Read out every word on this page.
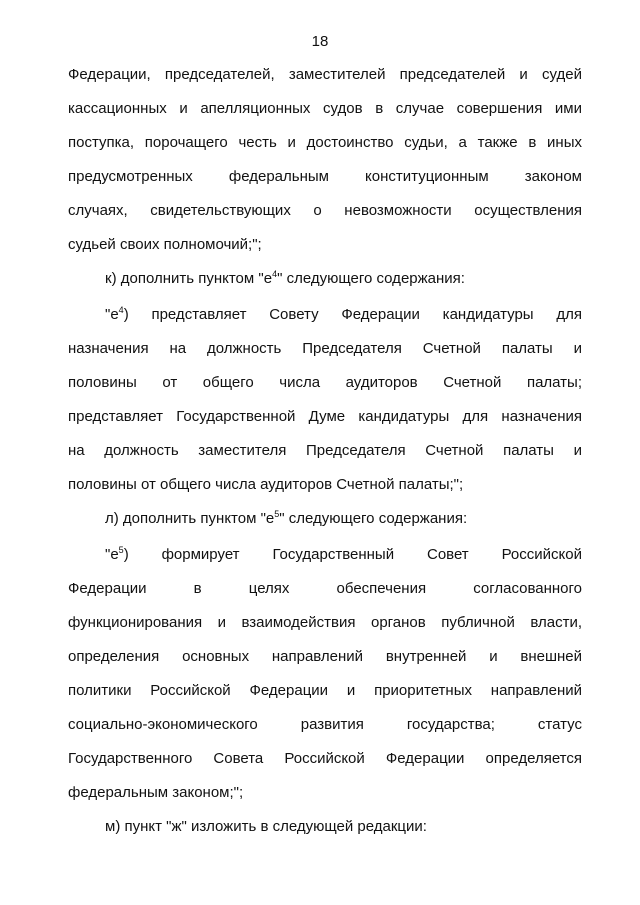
18
Федерации, председателей, заместителей председателей и судей
кассационных и апелляционных судов в случае совершения ими
поступка, порочащего честь и достоинство судьи, а также в иных
предусмотренных федеральным конституционным законом
случаях, свидетельствующих о невозможности осуществления
судьей своих полномочий;";
к) дополнить пунктом "$е^4$" следующего содержания:
"$е^4$) представляет Совету Федерации кандидатуры для
назначения на должность Председателя Счетной палаты и
половины от общего числа аудиторов Счетной палаты;
представляет Государственной Думе кандидатуры для назначения
на должность заместителя Председателя Счетной палаты и
половины от общего числа аудиторов Счетной палаты;";
л) дополнить пунктом "$е^5$" следующего содержания:
"$е^5$) формирует Государственный Совет Российской
Федерации в целях обеспечения согласованного
функционирования и взаимодействия органов публичной власти,
определения основных направлений внутренней и внешней
политики Российской Федерации и приоритетных направлений
социально-экономического развития государства; статус
Государственного Совета Российской Федерации определяется
федеральным законом;";
м) пункт "ж" изложить в следующей редакции:
